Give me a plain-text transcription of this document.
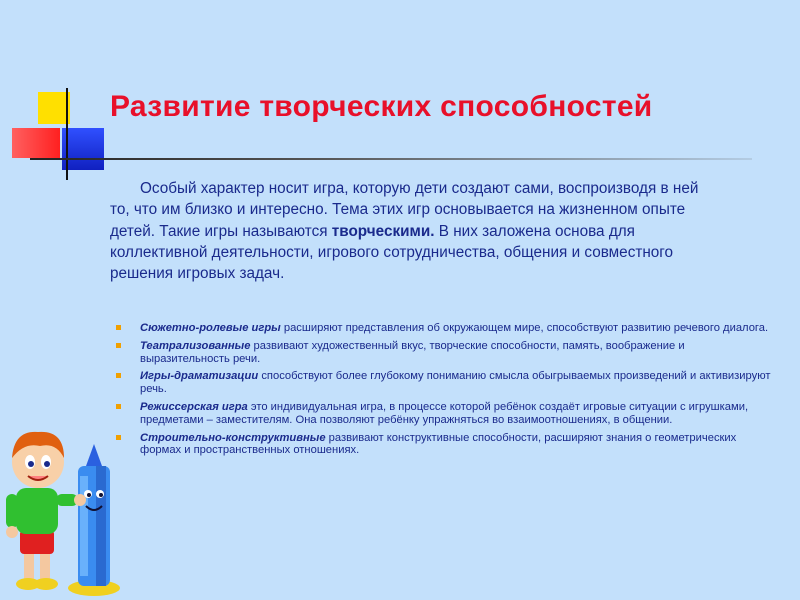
Развитие творческих способностей

Особый характер носит игра, которую дети создают сами, воспроизводя в ней то, что им близко и интересно. Тема этих игр основывается на жизненном опыте детей. Такие игры называются творческими. В них заложена основа для коллективной деятельности, игрового сотрудничества, общения и совместного решения игровых задач.

Сюжетно-ролевые игры расширяют представления об окружающем мире, способствуют развитию речевого диалога.
Театрализованные развивают художественный вкус, творческие способности, память, воображение и выразительность речи.
Игры-драматизации способствуют более глубокому пониманию смысла обыгрываемых произведений и активизируют речь.
Режиссерская игра это индивидуальная игра, в процессе которой ребёнок создаёт игровые ситуации с игрушками, предметами – заместителям. Она позволяют ребёнку упражняться во взаимоотношениях, в общении.
Строительно-конструктивные развивают конструктивные способности, расширяют знания о геометрических формах и пространственных отношениях.
